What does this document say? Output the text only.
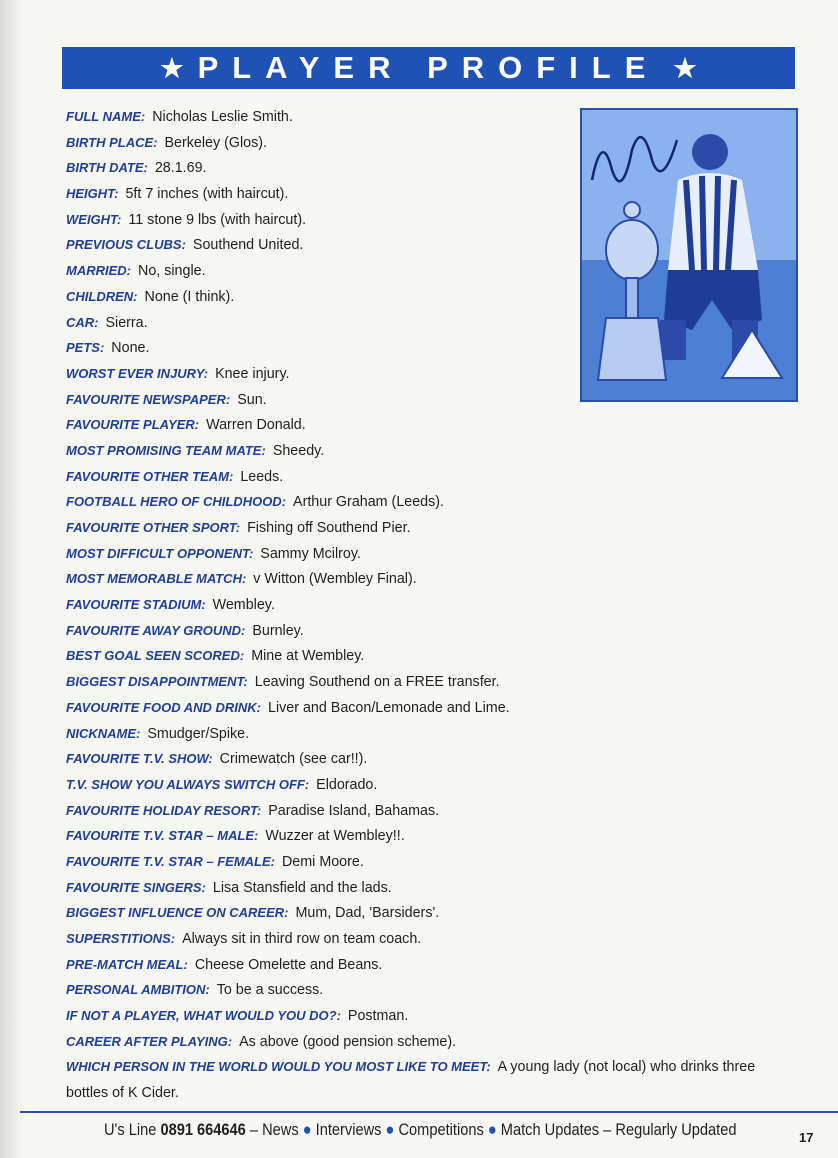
★ PLAYER PROFILE ★
FULL NAME: Nicholas Leslie Smith.
BIRTH PLACE: Berkeley (Glos).
BIRTH DATE: 28.1.69.
HEIGHT: 5ft 7 inches (with haircut).
WEIGHT: 11 stone 9 lbs (with haircut).
PREVIOUS CLUBS: Southend United.
MARRIED: No, single.
CHILDREN: None (I think).
CAR: Sierra.
PETS: None.
WORST EVER INJURY: Knee injury.
FAVOURITE NEWSPAPER: Sun.
FAVOURITE PLAYER: Warren Donald.
MOST PROMISING TEAM MATE: Sheedy.
FAVOURITE OTHER TEAM: Leeds.
FOOTBALL HERO OF CHILDHOOD: Arthur Graham (Leeds).
FAVOURITE OTHER SPORT: Fishing off Southend Pier.
MOST DIFFICULT OPPONENT: Sammy Mcilroy.
MOST MEMORABLE MATCH: v Witton (Wembley Final).
FAVOURITE STADIUM: Wembley.
FAVOURITE AWAY GROUND: Burnley.
BEST GOAL SEEN SCORED: Mine at Wembley.
BIGGEST DISAPPOINTMENT: Leaving Southend on a FREE transfer.
FAVOURITE FOOD AND DRINK: Liver and Bacon/Lemonade and Lime.
NICKNAME: Smudger/Spike.
FAVOURITE T.V. SHOW: Crimewatch (see car!!).
T.V. SHOW YOU ALWAYS SWITCH OFF: Eldorado.
FAVOURITE HOLIDAY RESORT: Paradise Island, Bahamas.
FAVOURITE T.V. STAR – MALE: Wuzzer at Wembley!!.
FAVOURITE T.V. STAR – FEMALE: Demi Moore.
FAVOURITE SINGERS: Lisa Stansfield and the lads.
BIGGEST INFLUENCE ON CAREER: Mum, Dad, 'Barsiders'.
SUPERSTITIONS: Always sit in third row on team coach.
PRE-MATCH MEAL: Cheese Omelette and Beans.
PERSONAL AMBITION: To be a success.
IF NOT A PLAYER, WHAT WOULD YOU DO?: Postman.
CAREER AFTER PLAYING: As above (good pension scheme).
WHICH PERSON IN THE WORLD WOULD YOU MOST LIKE TO MEET: A young lady (not local) who drinks three bottles of K Cider.
U's Line 0891 664646 – News ● Interviews ● Competitions ● Match Updates – Regularly Updated	17
